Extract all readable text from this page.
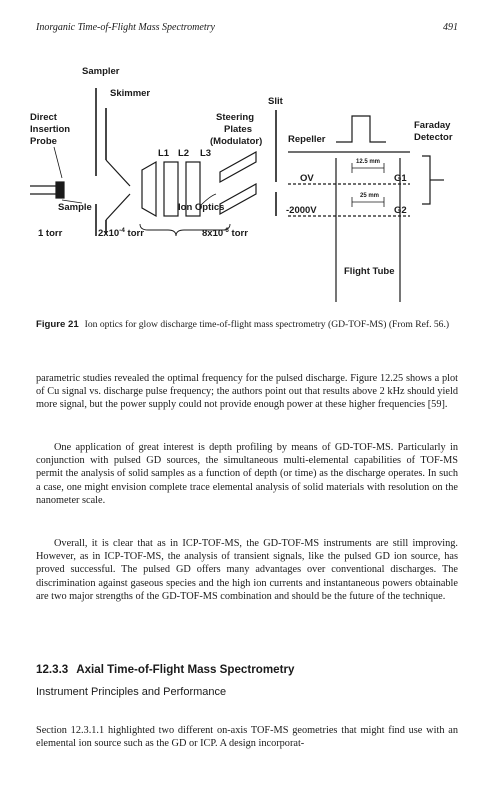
Inorganic Time-of-Flight Mass Spectrometry	491
Sampler
Skimmer
Slit
Direct
Insertion
Probe
Steering
Plates
(Modulator)
L1 L2 L3
Repeller
Faraday
Detector
OV	G1
-2000V	G2
Sample	Ion Optics
1 torr	$2x10^{-4}$ torr	$8x10^{-6}$ torr
Flight Tube
12.5 mm
25 mm
Figure 21 Ion optics for glow discharge time-of-flight mass spectrometry (GD-TOF-MS) (From Ref. 56.)
parametric studies revealed the optimal frequency for the pulsed discharge. Figure 12.25 shows a plot of Cu signal vs. discharge pulse frequency; the authors point out that results above 2 kHz should yield more signal, but the power supply could not provide enough power at these higher frequencies [59].
One application of great interest is depth profiling by means of GD-TOF-MS. Particularly in conjunction with pulsed GD sources, the simultaneous multi-elemental capabilities of TOF-MS permit the analysis of solid samples as a function of depth (or time) as the discharge operates. In such a case, one might envision complete trace elemental analysis of solid materials with resolution on the nanometer scale.
Overall, it is clear that as in ICP-TOF-MS, the GD-TOF-MS instruments are still improving. However, as in ICP-TOF-MS, the analysis of transient signals, like the pulsed GD ion source, has proved successful. The pulsed GD offers many advantages over conventional discharges. The discrimination against gaseous species and the high ion currents and instantaneous powers obtainable are two major strengths of the GD-TOF-MS combination and should be the future of the technique.
12.3.3 Axial Time-of-Flight Mass Spectrometry
Instrument Principles and Performance
Section 12.3.1.1 highlighted two different on-axis TOF-MS geometries that might find use with an elemental ion source such as the GD or ICP. A design incorporat-
